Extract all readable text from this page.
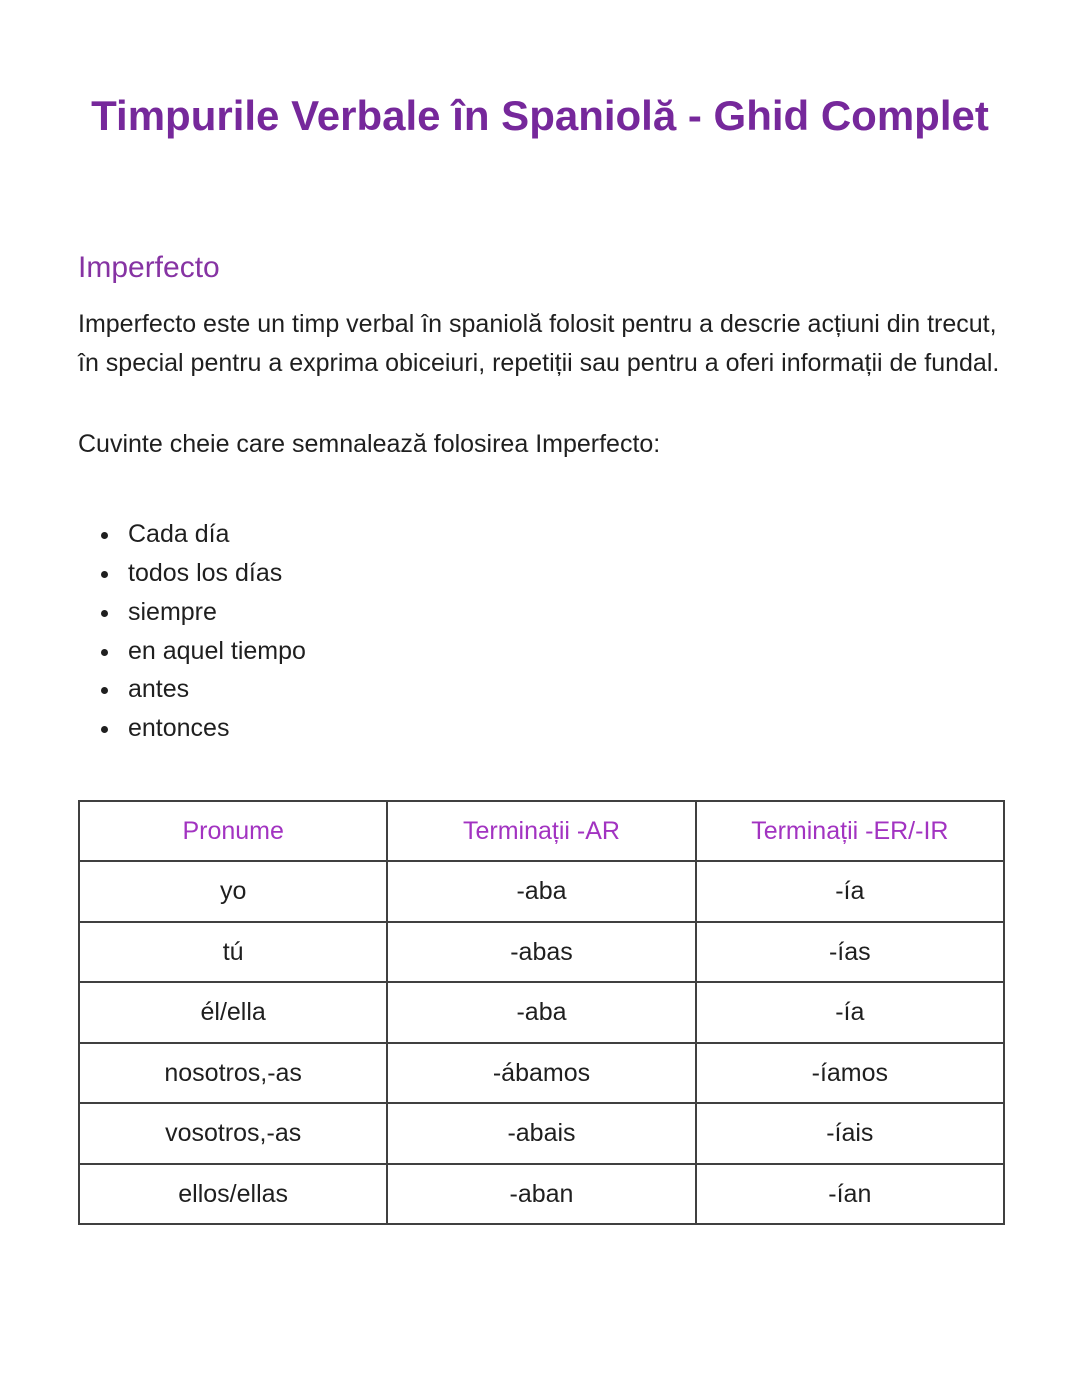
Timpurile Verbale în Spaniolă - Ghid Complet
Imperfecto

Imperfecto este un timp verbal în spaniolă folosit pentru a descrie acțiuni din trecut, în special pentru a exprima obiceiuri, repetiții sau pentru a oferi informații de fundal.

Cuvinte cheie care semnalează folosirea Imperfecto:

• Cada día
• todos los días
• siempre
• en aquel tiempo
• antes
• entonces
Pronume	Terminații -AR	Terminații -ER/-IR
yo	-aba	-ía
tú	-abas	-ías
él/ella	-aba	-ía
nosotros,-as	-ábamos	-íamos
vosotros,-as	-abais	-íais
ellos/ellas	-aban	-ían
